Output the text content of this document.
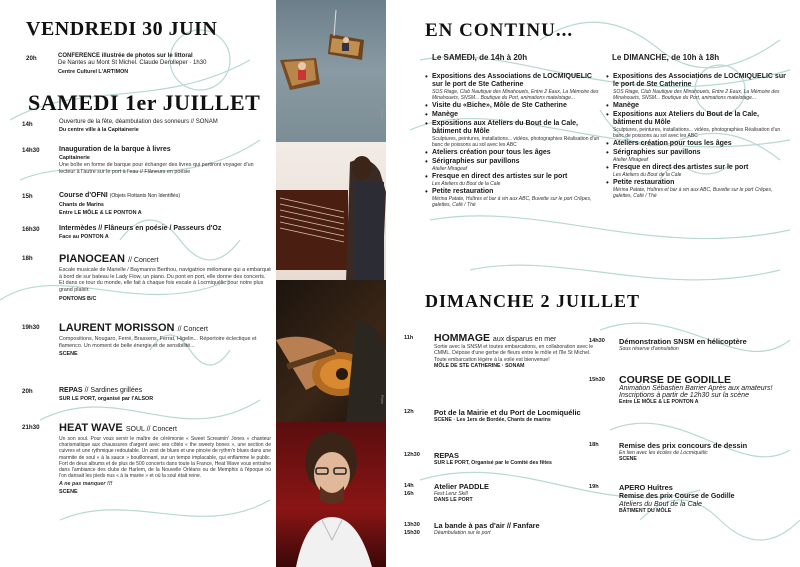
VENDREDI 30 JUIN
20h	CONFERENCE illustrée de photos sur le littoral
De Nantes au Mont St Michel. Claude Derolleper · 1h30
Centre Culturel L'ARTIMON
SAMEDI 1er JUILLET
14h	Ouverture de la fête, déambulation des sonneurs // SONAM
Du centre ville à la Capitainerie
14h30	Inauguration de la barque à livres
Capitainerie
Une boîte en forme de barque pour échanger des livres qui partiront voyager d'un lecteur à l'autre sur le port à l'eau // Flâneurs en poésie
15h	Course d'OFNI (Objets Flottants Non Identifiés)
Chants de Marins
Entre LE MÔLE & LE PONTON A
16h30	Intermèdes // Flâneurs en poésie / Passeurs d'Oz
Face au PONTON A
18h PIANOCEAN // Concert
Escale musicale de Marielle / Baymanns Berthou, navigatrice mélomane qui a embarqué à bord de sur bateau le Lady Flow, un piano. Du pont en port, elle donne des concerts. Et dans ce tour du monde, elle fait à chaque fois escale à Locmiquélic pour notre plus grand plaisir.
PONTONS B/C
19h30 LAURENT MORISSON // Concert
Compositions, Nougaro, Ferré, Brassens, Ferrat, Higelin... Répertoire éclectique et flamenco. Un moment de belle énergie et de sensibilité...
SCENE
20h	REPAS // Sardines grillées
SUR LE PORT, organisé par l'ALSOR
21h30 HEAT WAVE SOUL // Concert
Un son soul. Pour vous servir le maître de cérémonie « Sweet Screamin' Jones » chanteur charismatique aux chaussures d'argent avec ses côtés « the sweety bones », une section de cuivres et une rythmique redoutable. Un zest de blues et une pincée de rythm'n blues dans une marmite de soul « à la sauce » bouillonnant, sur un tempo implacable, qui enflamme le public. Fort de deux albums et de plus de 500 concerts dans toute la France, Heat Wave vous entraîne dans l'ambiance des clubs de Harlem, de la Nouvelle Orléans ou de Memphis à l'époque où l'on dansait les pieds nus « à la marée » et où la soul était reine.
A ne pas manquer !!!
SCENE
Photo
Photo
EN CONTINU...
Le SAMEDI, de 14h à 20h	Le DIMANCHE, de 10h à 18h
• Expositions des Associations de LOCMIQUELIC sur le port de Ste Catherine
SOS Riage, Club Nautique des Minahouets, Entre 2 Eaux, La Mémoire des Minahouets, SNSM... Boutique du Port, animations matelotage...
• Visite du «Biche», Môle de Ste Catherine
• Manège
• Expositions aux Ateliers du Bout de la Cale, bâtiment du Môle
Sculptures, peintures, installations... vidéos, photographies Réalisation d'un banc de poissons au sol avec les ABC
• Ateliers création pour tous les âges
• Sérigraphies sur pavillons
Atelier Mirageaf
• Fresque en direct des artistes sur le port
Les Ateliers du Bout de la Cale
• Petite restauration
Mérina Patate, Huîtres et bar à vin aux ABC, Buvette sur le port Crêpes, galettes, Café / Thé
• Expositions des Associations de LOCMIQUELIC sur le port de Ste Catherine
SOS Riage, Club Nautique des Minahouets, Entre 2 Eaux, La Mémoire des Minahouets, SNSM... Boutique du Port, animations matelotage...
• Manège
• Expositions aux Ateliers du Bout de la Cale, bâtiment du Môle
Sculptures, peintures, installations... vidéos, photographies Réalisation d'un banc de poissons au sol avec les ABC
• Ateliers création pour tous les âges
• Sérigraphies sur pavillons
Atelier Mirageaf
• Fresque en direct des artistes sur le port
Les Ateliers du Bout de la Cale
• Petite restauration
Mérina Patate, Huîtres et bar à vin aux ABC, Buvette sur le port Crêpes, galettes, Café / Thé
DIMANCHE 2 JUILLET
11h HOMMAGE aux disparus en mer
Sortie avec la SNSM et toutes embarcations, en collaboration avec le CMML. Dépose d'une gerbe de fleurs entre le môle et l'île St Michel. Toute embarcation légère à la voile est bienvenue!
MÔLE DE STE CATHERINE · SONAM
12h	Pot de la Mairie et du Port de Locmiquélic
SCENE · Les 1ers de Bordée, Chants de marins
12h30 REPAS
SUR LE PORT, Organisé par le Comité des fêtes
14h
16h
Atelier PADDLE
Fest Lenz Skill
DANS LE PORT
13h30
15h30
La bande à pas d'air // Fanfare
Déambulation sur le port
14h30 Démonstration SNSM en hélicoptère
Sous réserve d'annulation
15h30 COURSE DE GODILLE
Animation Sébastien Barrier Après aux amateurs! Inscriptions à partir de 12h30 sur la scène
Entre LE MÔLE & LE PONTON A
18h	Remise des prix concours de dessin
En lien avec les écoles de Locmiquélic
SCENE
19h	APERO Huîtres
Remise des prix Course de Godille
Ateliers du Bout de la Cale
BÂTIMENT DU MÔLE
